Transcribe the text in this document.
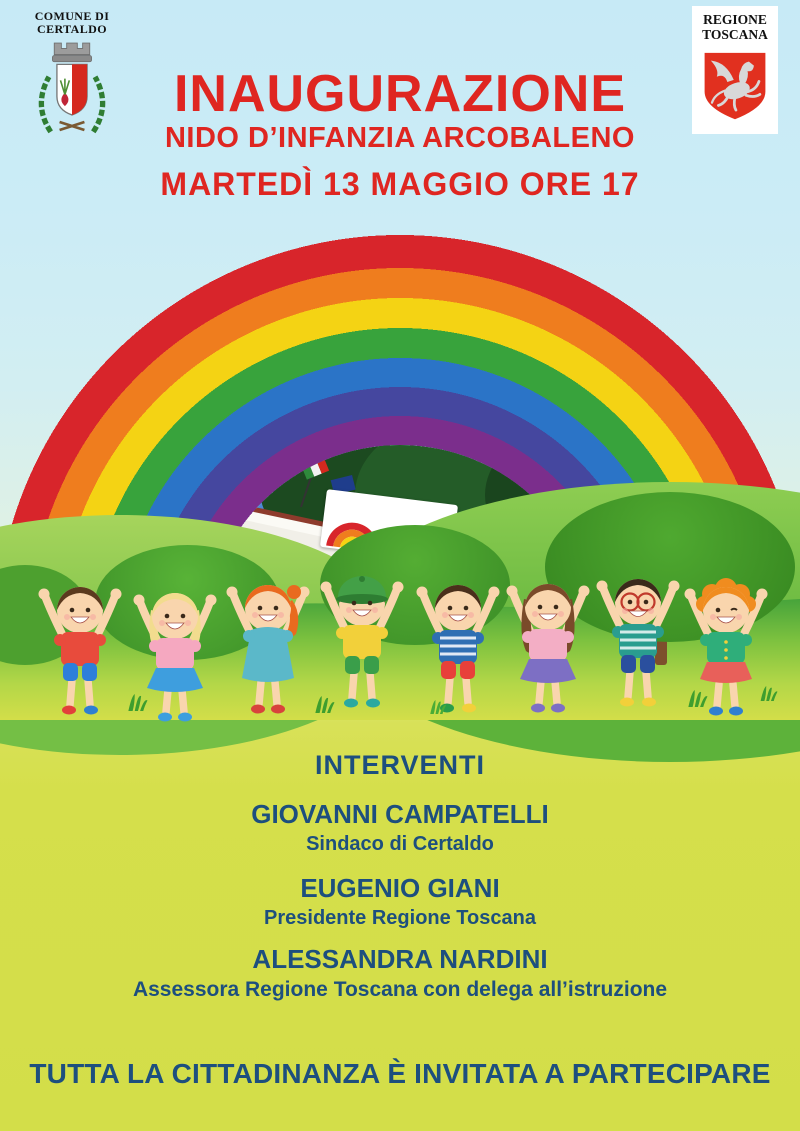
COMUNE DI
CERTALDO
REGIONE
TOSCANA
INAUGURAZIONE
NIDO D’INFANZIA ARCOBALENO
MARTEDÌ 13 MAGGIO ORE 17
INTERVENTI
GIOVANNI CAMPATELLI
Sindaco di Certaldo
EUGENIO GIANI
Presidente Regione Toscana
ALESSANDRA NARDINI
Assessora Regione Toscana con delega all’istruzione
TUTTA LA CITTADINANZA È INVITATA A PARTECIPARE
